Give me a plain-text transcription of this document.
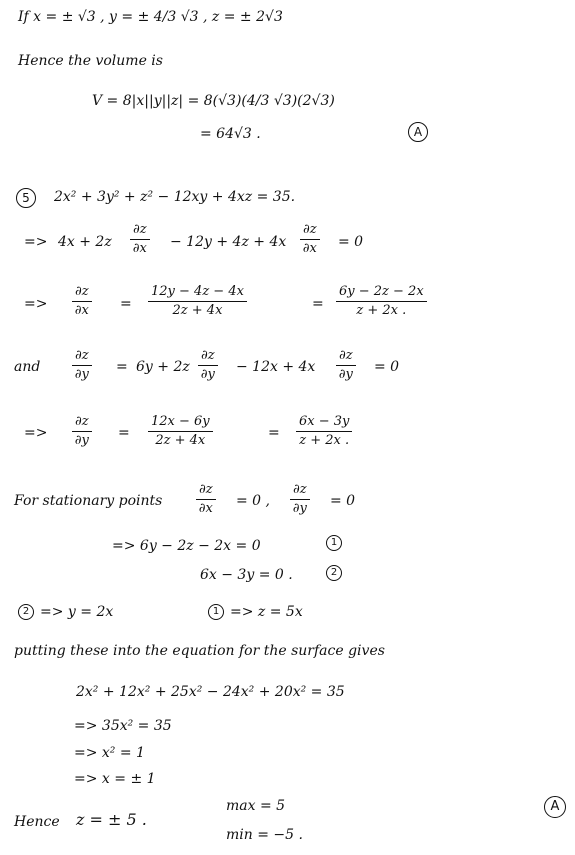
If x = ± √3 , y = ± 4/3 √3 , z = ± 2√3
Hence the volume is
V = 8|x||y||z| = 8(√3)(4/3 √3)(2√3)
= 64√3 .	A
5	2x² + 3y² + z² − 12xy + 4xz = 35.
=> $4x + 2z \frac{\partial z}{\partial x} - 12y + 4z + 4x \frac{\partial z}{\partial x} = 0$
=> $\frac{\partial z}{\partial x} = \frac{12y - 4z - 4x}{2z + 4x}$	= $\frac{6y - 2z - 2x}{z + 2x .}$
and $\frac{\partial z}{\partial y} = 6y + 2z \frac{\partial z}{\partial y} - 12x + 4x \frac{\partial z}{\partial y} = 0$
=> $\frac{\partial z}{\partial y} = \frac{12x - 6y}{2z + 4x}$	= $\frac{6x - 3y}{z + 2x .}$
For stationary points	$\frac{\partial z}{\partial x} = 0$ , $\frac{\partial z}{\partial y} = 0$
=> 6y − 2z − 2x = 0	1
6x − 3y = 0 .	2
2 => y = 2x	1 => z = 5x
putting these into the equation for the surface gives
2x² + 12x² + 25x² − 24x² + 20x² = 35
=> 35x² = 35
=> x² = 1
=> x = ± 1
Hence z = ± 5 .
max = 5
min = −5 .
A
